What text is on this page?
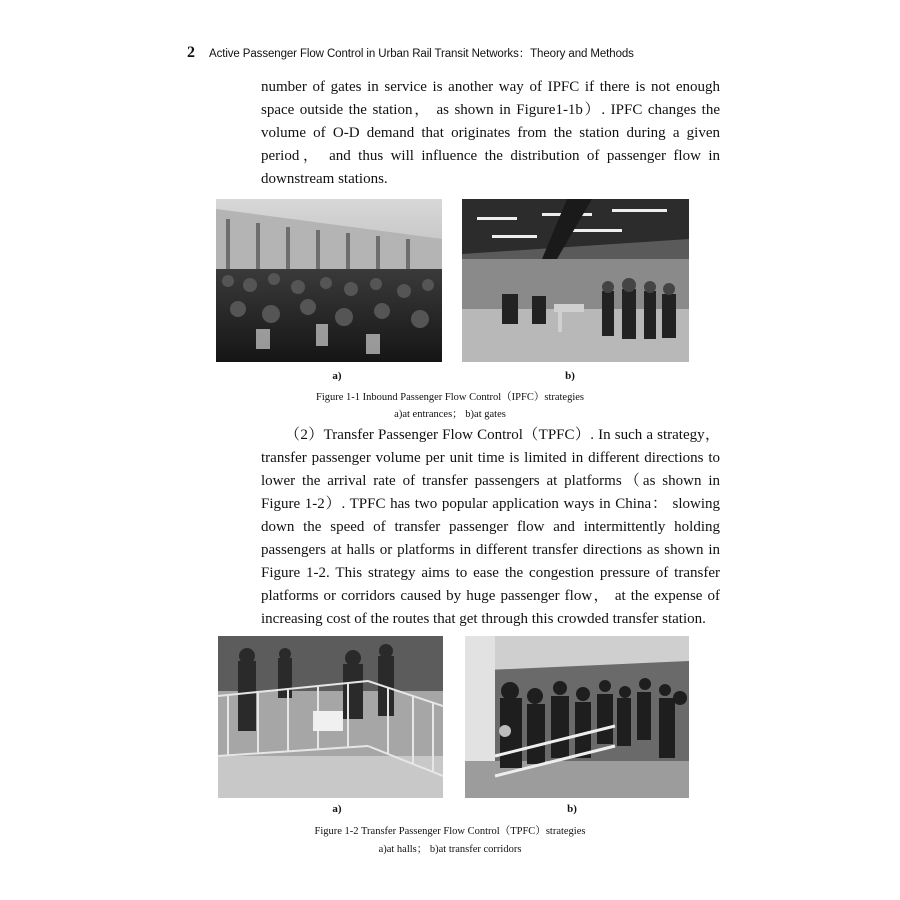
2 Active Passenger Flow Control in Urban Rail Transit Networks：Theory and Methods
number of gates in service is another way of IPFC if there is not enough
space outside the station， as shown in Figure1-1b）. IPFC changes the
volume of O-D demand that originates from the station during a given
period， and thus will influence the distribution of passenger flow in
downstream stations.
a)	b)
Figure 1-1 Inbound Passenger Flow Control（IPFC）strategies
a)at entrances； b)at gates
（2）Transfer Passenger Flow Control（TPFC）. In such a strategy，
transfer passenger volume per unit time is limited in different directions to
lower the arrival rate of transfer passengers at platforms（as shown in
Figure 1-2）. TPFC has two popular application ways in China： slowing
down the speed of transfer passenger flow and intermittently holding
passengers at halls or platforms in different transfer directions as shown in
Figure 1-2. This strategy aims to ease the congestion pressure of transfer
platforms or corridors caused by huge passenger flow， at the expense of
increasing cost of the routes that get through this crowded transfer station.
a)	b)
Figure 1-2 Transfer Passenger Flow Control（TPFC）strategies
a)at halls； b)at transfer corridors
